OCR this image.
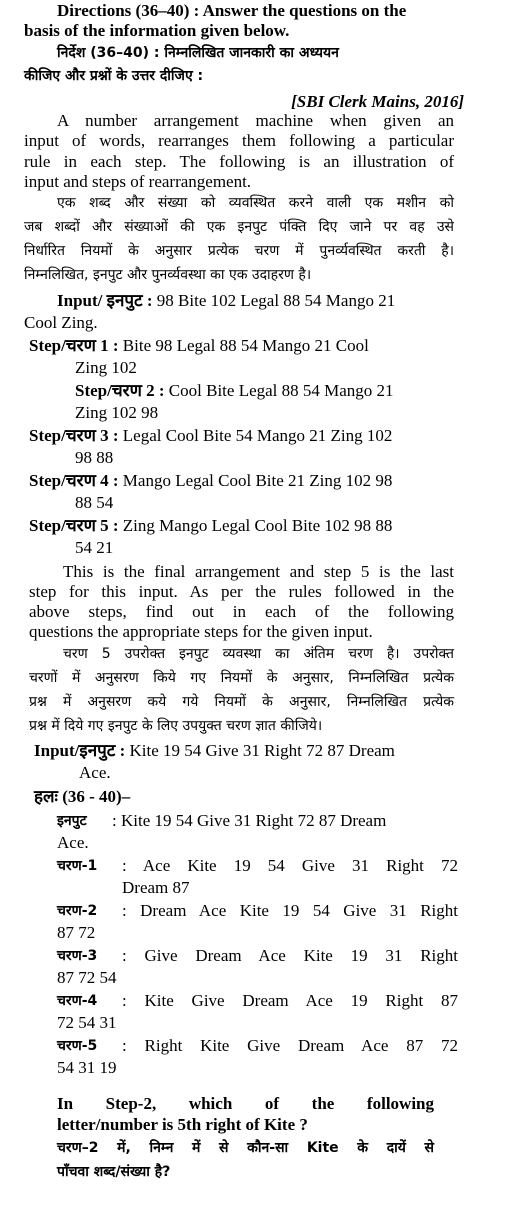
Directions (36–40) : Answer the questions on the
basis of the information given below.
निर्देश (36–40) : निम्नलिखित जानकारी का अध्ययन
कीजिए और प्रश्नों के उत्तर दीजिए :
[SBI Clerk Mains, 2016]
A number arrangement machine when given an
input of words, rearranges them following a particular
rule in each step. The following is an illustration of
input and steps of rearrangement.
एक शब्द और संख्या को व्यवस्थित करने वाली एक मशीन को
जब शब्दों और संख्याओं की एक इनपुट पंक्ति दिए जाने पर वह उसे
निर्धारित नियमों के अनुसार प्रत्येक चरण में पुनर्व्यवस्थित करती है।
निम्नलिखित, इनपुट और पुनर्व्यवस्था का एक उदाहरण है।
Input/ इनपुट : 98 Bite 102 Legal 88 54 Mango 21
Cool Zing.
Step/चरण 1 : Bite 98 Legal 88 54 Mango 21 Cool
Zing 102
Step/चरण 2 : Cool Bite Legal 88 54 Mango 21
Zing 102 98
Step/चरण 3 : Legal Cool Bite 54 Mango 21 Zing 102
98 88
Step/चरण 4 : Mango Legal Cool Bite 21 Zing 102 98
88 54
Step/चरण 5 : Zing Mango Legal Cool Bite 102 98 88
54 21
This is the final arrangement and step 5 is the last
step for this input. As per the rules followed in the
above steps, find out in each of the following
questions the appropriate steps for the given input.
चरण 5 उपरोक्त इनपुट व्यवस्था का अंतिम चरण है। उपरोक्त
चरणों में अनुसरण किये गए नियमों के अनुसार, निम्नलिखित प्रत्येक
प्रश्न में अनुसरण कये गये नियमों के अनुसार, निम्नलिखित प्रत्येक
प्रश्न में दिये गए इनपुट के लिए उपयुक्त चरण ज्ञात कीजिये।
Input/इनपुट : Kite 19 54 Give 31 Right 72 87 Dream
Ace.
हलः (36 - 40)–
इनपुट : Kite 19 54 Give 31 Right 72 87 Dream
Ace.
चरण-1 : Ace Kite 19 54 Give 31 Right 72
Dream 87
चरण-2 : Dream Ace Kite 19 54 Give 31 Right
87 72
चरण-3 : Give Dream Ace Kite 19 31 Right
87 72 54
चरण-4 : Kite Give Dream Ace 19 Right 87
72 54 31
चरण-5 : Right Kite Give Dream Ace 87 72
54 31 19
In Step-2, which of the following
letter/number is 5th right of Kite ?
चरण–2 में, निम्न में से कौन-सा Kite के दायें से
पाँचवा शब्द/संख्या है?
